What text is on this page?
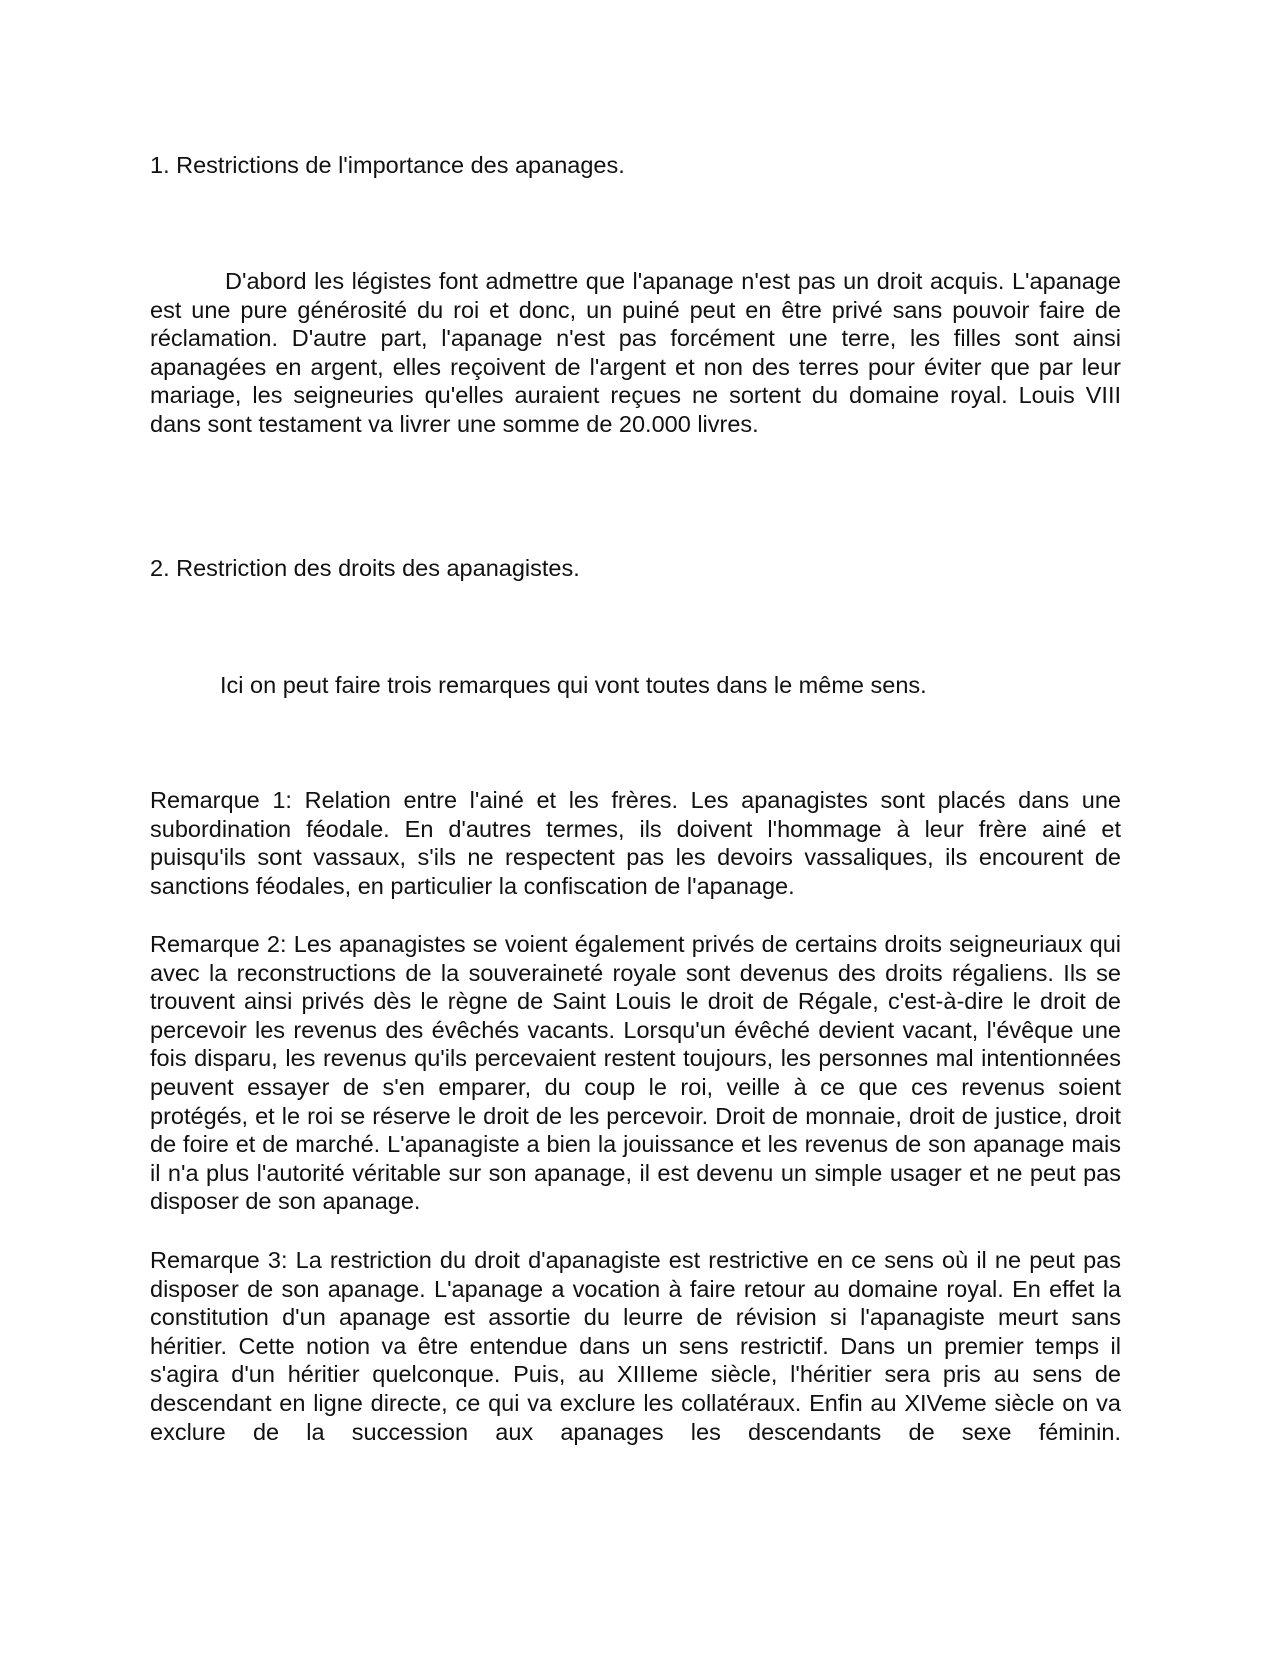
1. Restrictions de l'importance des apanages.

D'abord les légistes font admettre que l'apanage n'est pas un droit acquis. L'apanage est une pure générosité du roi et donc, un puiné peut en être privé sans pouvoir faire de réclamation. D'autre part, l'apanage n'est pas forcément une terre, les filles sont ainsi apanagées en argent, elles reçoivent de l'argent et non des terres pour éviter que par leur mariage, les seigneuries qu'elles auraient reçues ne sortent du domaine royal. Louis VIII dans sont testament va livrer une somme de 20.000 livres.

2. Restriction des droits des apanagistes.

Ici on peut faire trois remarques qui vont toutes dans le même sens.

Remarque 1: Relation entre l'ainé et les frères. Les apanagistes sont placés dans une subordination féodale. En d'autres termes, ils doivent l'hommage à leur frère ainé et puisqu'ils sont vassaux, s'ils ne respectent pas les devoirs vassaliques, ils encourent de sanctions féodales, en particulier la confiscation de l'apanage.

Remarque 2: Les apanagistes se voient également privés de certains droits seigneuriaux qui avec la reconstructions de la souveraineté royale sont devenus des droits régaliens. Ils se trouvent ainsi privés dès le règne de Saint Louis le droit de Régale, c'est-à-dire le droit de percevoir les revenus des évêchés vacants. Lorsqu'un évêché devient vacant, l'évêque une fois disparu, les revenus qu'ils percevaient restent toujours, les personnes mal intentionnées peuvent essayer de s'en emparer, du coup le roi, veille à ce que ces revenus soient protégés, et le roi se réserve le droit de les percevoir. Droit de monnaie, droit de justice, droit de foire et de marché. L'apanagiste a bien la jouissance et les revenus de son apanage mais il n'a plus l'autorité véritable sur son apanage, il est devenu un simple usager et ne peut pas disposer de son apanage.

Remarque 3: La restriction du droit d'apanagiste est restrictive en ce sens où il ne peut pas disposer de son apanage. L'apanage a vocation à faire retour au domaine royal. En effet la constitution d'un apanage est assortie du leurre de révision si l'apanagiste meurt sans héritier. Cette notion va être entendue dans un sens restrictif. Dans un premier temps il s'agira d'un héritier quelconque. Puis, au XIIIeme siècle, l'héritier sera pris au sens de descendant en ligne directe, ce qui va exclure les collatéraux. Enfin au XIVeme siècle on va exclure de la succession aux apanages les descendants de sexe féminin.
